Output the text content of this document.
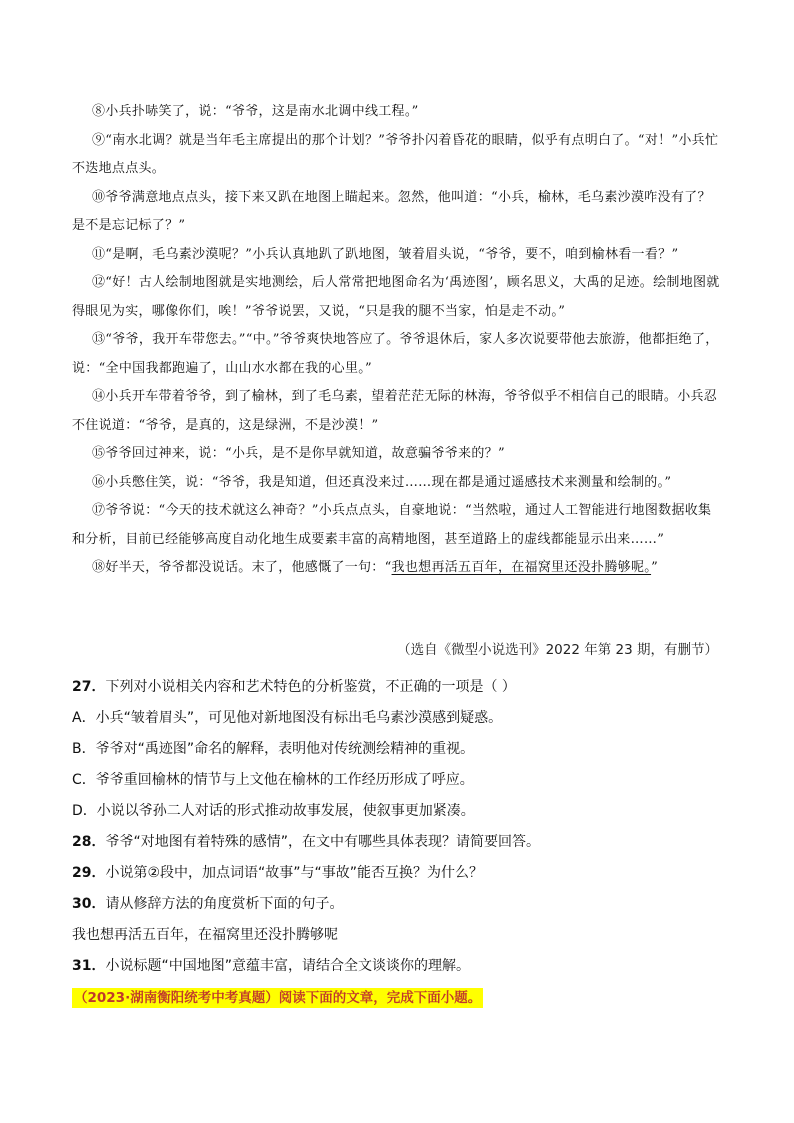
⑧小兵扑哧笑了，说：“爷爷，这是南水北调中线工程。”

⑨“南水北调？就是当年毛主席提出的那个计划？”爷爷扑闪着昏花的眼睛，似乎有点明白了。“对！”小兵忙不迭地点点头。

⑩爷爷满意地点点头，接下来又趴在地图上瞄起来。忽然，他叫道：“小兵，榆林，毛乌素沙漠咋没有了？是不是忘记标了？”

⑪“是啊，毛乌素沙漠呢？”小兵认真地趴了趴地图，皱着眉头说，“爷爷，要不，咱到榆林看一看？”

⑫“好！古人绘制地图就是实地测绘，后人常常把地图命名为‘禹迹图’，顾名思义，大禹的足迹。绘制地图就得眼见为实，哪像你们，唉！”爷爷说罢，又说，“只是我的腿不当家，怕是走不动。”

⑬“爷爷，我开车带您去。”“中。”爷爷爽快地答应了。爷爷退休后，家人多次说要带他去旅游，他都拒绝了，说：“全中国我都跑遍了，山山水水都在我的心里。”

⑭小兵开车带着爷爷，到了榆林，到了毛乌素，望着茫茫无际的林海，爷爷似乎不相信自己的眼睛。小兵忍不住说道：“爷爷，是真的，这是绿洲，不是沙漠！”

⑮爷爷回过神来，说：“小兵，是不是你早就知道，故意骗爷爷来的？”

⑯小兵憋住笑，说：“爷爷，我是知道，但还真没来过……现在都是通过遥感技术来测量和绘制的。”

⑰爷爷说：“今天的技术就这么神奇？”小兵点点头，自豪地说：“当然啦，通过人工智能进行地图数据收集和分析，目前已经能够高度自动化地生成要素丰富的高精地图，甚至道路上的虚线都能显示出来……”

⑱好半天，爷爷都没说话。末了，他感慨了一句：“我也想再活五百年，在福窝里还没扑腾够呢。”

（选自《微型小说选刊》2022 年第 23 期，有删节）

27．下列对小说相关内容和艺术特色的分析鉴赏，不正确的一项是（ ）

A．小兵“皱着眉头”，可见他对新地图没有标出毛乌素沙漠感到疑惑。

B．爷爷对“禹迹图”命名的解释，表明他对传统测绘精神的重视。

C．爷爷重回榆林的情节与上文他在榆林的工作经历形成了呼应。

D．小说以爷孙二人对话的形式推动故事发展，使叙事更加紧凑。

28．爷爷“对地图有着特殊的感情”，在文中有哪些具体表现？请简要回答。

29．小说第②段中，加点词语“故事”与“事故”能否互换？为什么？

30．请从修辞方法的角度赏析下面的句子。

我也想再活五百年，在福窝里还没扑腾够呢

31．小说标题“中国地图”意蕴丰富，请结合全文谈谈你的理解。

（2023·湖南衡阳统考中考真题）阅读下面的文章，完成下面小题。
